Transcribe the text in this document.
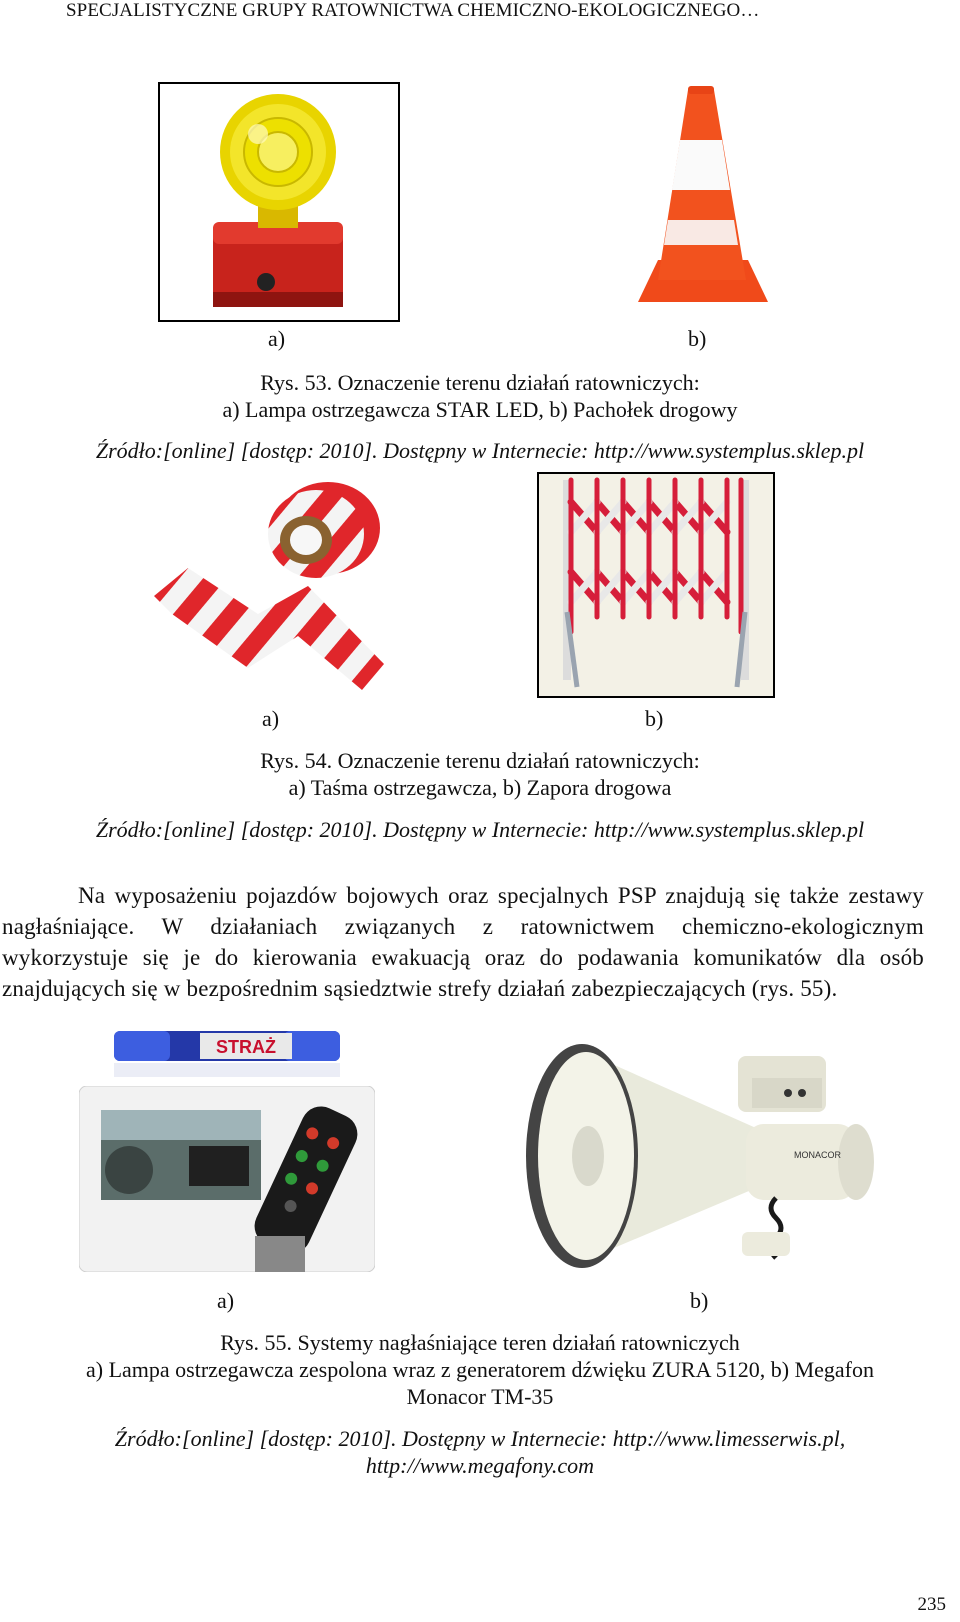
SPECJALISTYCZNE GRUPY RATOWNICTWA CHEMICZNO-EKOLOGICZNEGO…
a)	b)
Rys. 53. Oznaczenie terenu działań ratowniczych:
a) Lampa ostrzegawcza STAR LED, b) Pachołek drogowy
Źródło:[online] [dostęp: 2010]. Dostępny w Internecie: http://www.systemplus.sklep.pl
a)	b)
Rys. 54. Oznaczenie terenu działań ratowniczych:
a) Taśma ostrzegawcza, b) Zapora drogowa
Źródło:[online] [dostęp: 2010]. Dostępny w Internecie: http://www.systemplus.sklep.pl
Na wyposażeniu pojazdów bojowych oraz specjalnych PSP znajdują się także zestawy nagłaśniające. W działaniach związanych z ratownictwem chemiczno-ekologicznym wykorzystuje się je do kierowania ewakuacją oraz do podawania komunikatów dla osób znajdujących się w bezpośrednim sąsiedztwie strefy działań zabezpieczających (rys. 55).
STRAŻ
MONACOR
a)	b)
Rys. 55. Systemy nagłaśniające teren działań ratowniczych
a) Lampa ostrzegawcza zespolona wraz z generatorem dźwięku ZURA 5120, b) Megafon
Monacor TM-35
Źródło:[online] [dostęp: 2010]. Dostępny w Internecie: http://www.limesserwis.pl,
http://www.megafony.com
235
